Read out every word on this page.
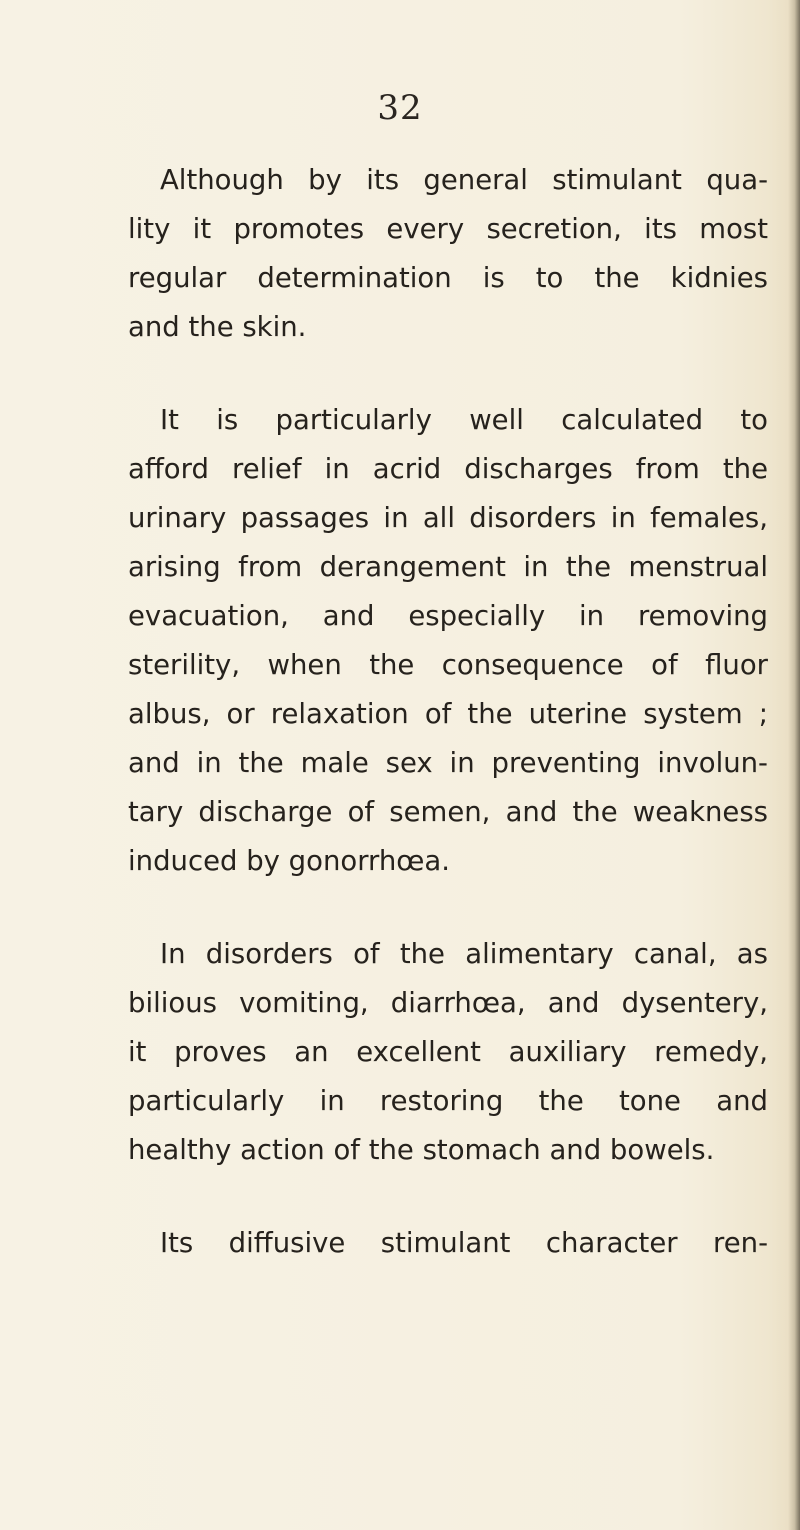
32
Although by its general stimulant qua-
lity it promotes every secretion, its most
regular determination is to the kidnies
and the skin.
It is particularly well calculated to
afford relief in acrid discharges from the
urinary passages in all disorders in females,
arising from derangement in the menstrual
evacuation, and especially in removing
sterility, when the consequence of fluor
albus, or relaxation of the uterine system ;
and in the male sex in preventing involun-
tary discharge of semen, and the weakness
induced by gonorrhœa.
In disorders of the alimentary canal, as
bilious vomiting, diarrhœa, and dysentery,
it proves an excellent auxiliary remedy,
particularly in restoring the tone and
healthy action of the stomach and bowels.
Its diffusive stimulant character ren-
